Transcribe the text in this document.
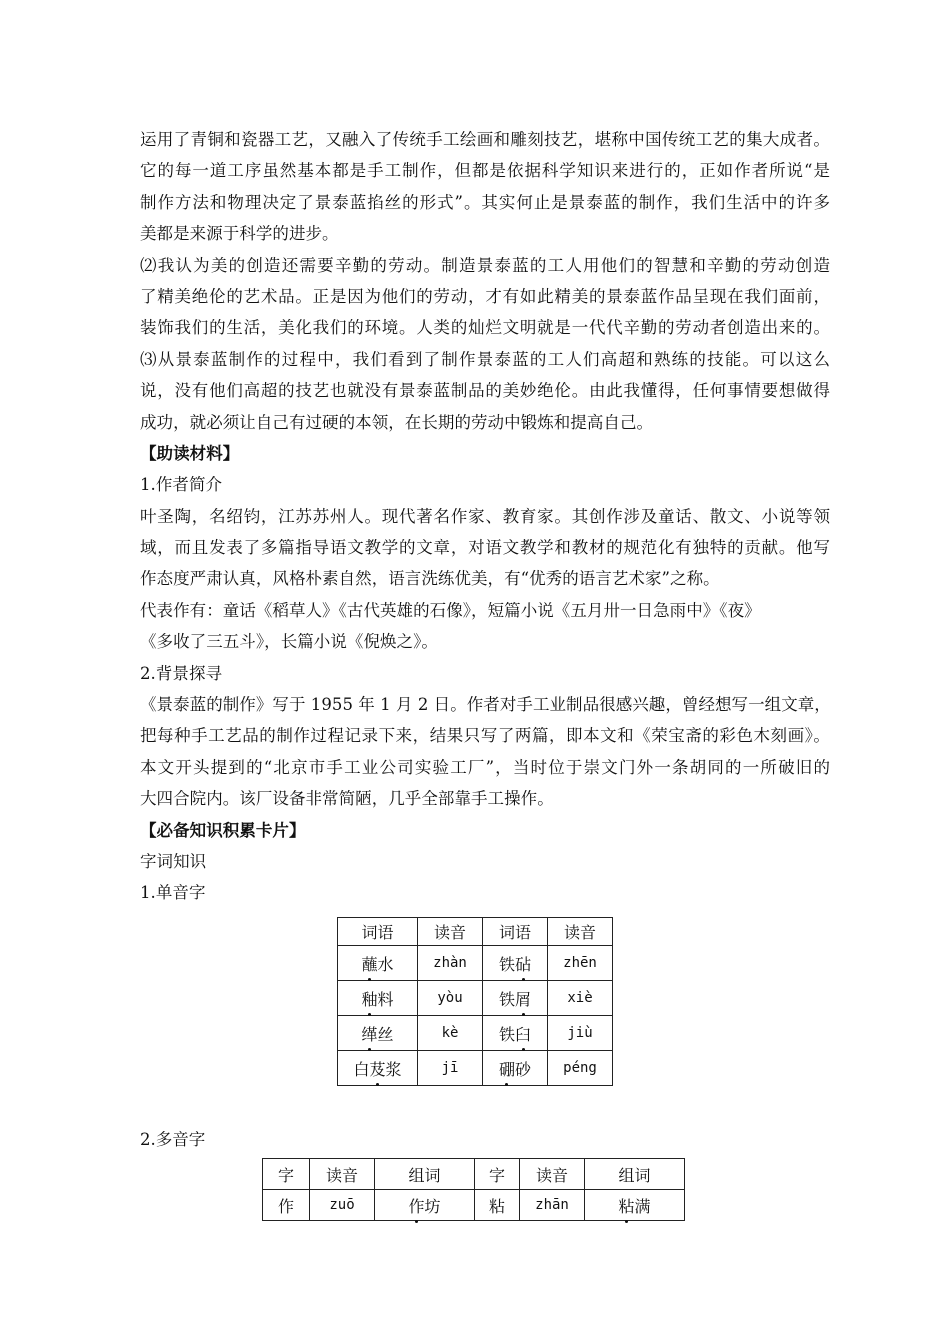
运用了青铜和瓷器工艺，又融入了传统手工绘画和雕刻技艺，堪称中国传统工艺的集大成者。
它的每一道工序虽然基本都是手工制作，但都是依据科学知识来进行的，正如作者所说“是
制作方法和物理决定了景泰蓝掐丝的形式”。其实何止是景泰蓝的制作，我们生活中的许多
美都是来源于科学的进步。
⑵我认为美的创造还需要辛勤的劳动。制造景泰蓝的工人用他们的智慧和辛勤的劳动创造
了精美绝伦的艺术品。正是因为他们的劳动，才有如此精美的景泰蓝作品呈现在我们面前，
装饰我们的生活，美化我们的环境。人类的灿烂文明就是一代代辛勤的劳动者创造出来的。
⑶从景泰蓝制作的过程中，我们看到了制作景泰蓝的工人们高超和熟练的技能。可以这么
说，没有他们高超的技艺也就没有景泰蓝制品的美妙绝伦。由此我懂得，任何事情要想做得
成功，就必须让自己有过硬的本领，在长期的劳动中锻炼和提高自己。
【助读材料】
1.作者简介
叶圣陶，名绍钧，江苏苏州人。现代著名作家、教育家。其创作涉及童话、散文、小说等领
域，而且发表了多篇指导语文教学的文章，对语文教学和教材的规范化有独特的贡献。他写
作态度严肃认真，风格朴素自然，语言洗练优美，有“优秀的语言艺术家”之称。
代表作有：童话《稻草人》《古代英雄的石像》，短篇小说《五月卅一日急雨中》《夜》
《多收了三五斗》，长篇小说《倪焕之》。
2.背景探寻
《景泰蓝的制作》写于 1955 年 1 月 2 日。作者对手工业制品很感兴趣，曾经想写一组文章，
把每种手工艺品的制作过程记录下来，结果只写了两篇，即本文和《荣宝斋的彩色木刻画》。
本文开头提到的“北京市手工业公司实验工厂”，当时位于崇文门外一条胡同的一所破旧的
大四合院内。该厂设备非常简陋，几乎全部靠手工操作。
【必备知识积累卡片】
字词知识
1.单音字
2.多音字
词语	读音	词语	读音
蘸水	zhàn	铁砧	zhēn
釉料	yòu	铁屑	xiè
缂丝	kè	铁臼	jiù
白芨浆	jī	硼砂	péng
字	读音	组词	字	读音	组词
作	zuō	作坊	粘	zhān	粘满
